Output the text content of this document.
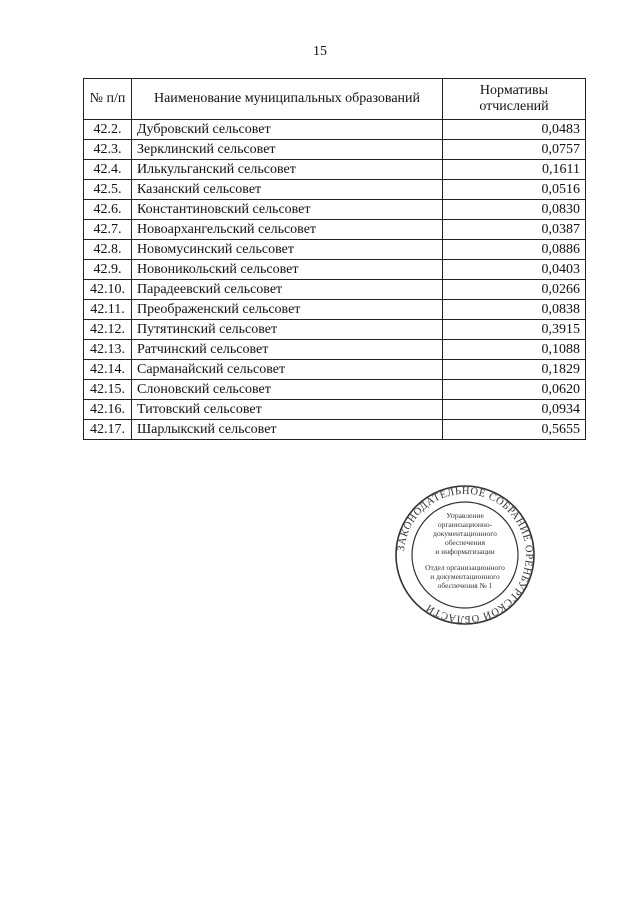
15
№ п/п	Наименование муниципальных образований	Нормативы отчислений
42.2.	Дубровский сельсовет	0,0483
42.3.	Зерклинский сельсовет	0,0757
42.4.	Илькульганский сельсовет	0,1611
42.5.	Казанский сельсовет	0,0516
42.6.	Константиновский сельсовет	0,0830
42.7.	Новоархангельский сельсовет	0,0387
42.8.	Новомусинский сельсовет	0,0886
42.9.	Новоникольский сельсовет	0,0403
42.10.	Парадеевский сельсовет	0,0266
42.11.	Преображенский сельсовет	0,0838
42.12.	Путятинский сельсовет	0,3915
42.13.	Ратчинский сельсовет	0,1088
42.14.	Сарманайский сельсовет	0,1829
42.15.	Слоновский сельсовет	0,0620
42.16.	Титовский сельсовет	0,0934
42.17.	Шарлыкский сельсовет	0,5655
ЗАКОНОДАТЕЛЬНОЕ СОБРАНИЕ ОРЕНБУРГСКОЙ ОБЛАСТИ
Управление
организационно-
документационного
обеспечения
и информатизации
Отдел организационного
и документационного
обеспечения № 1
